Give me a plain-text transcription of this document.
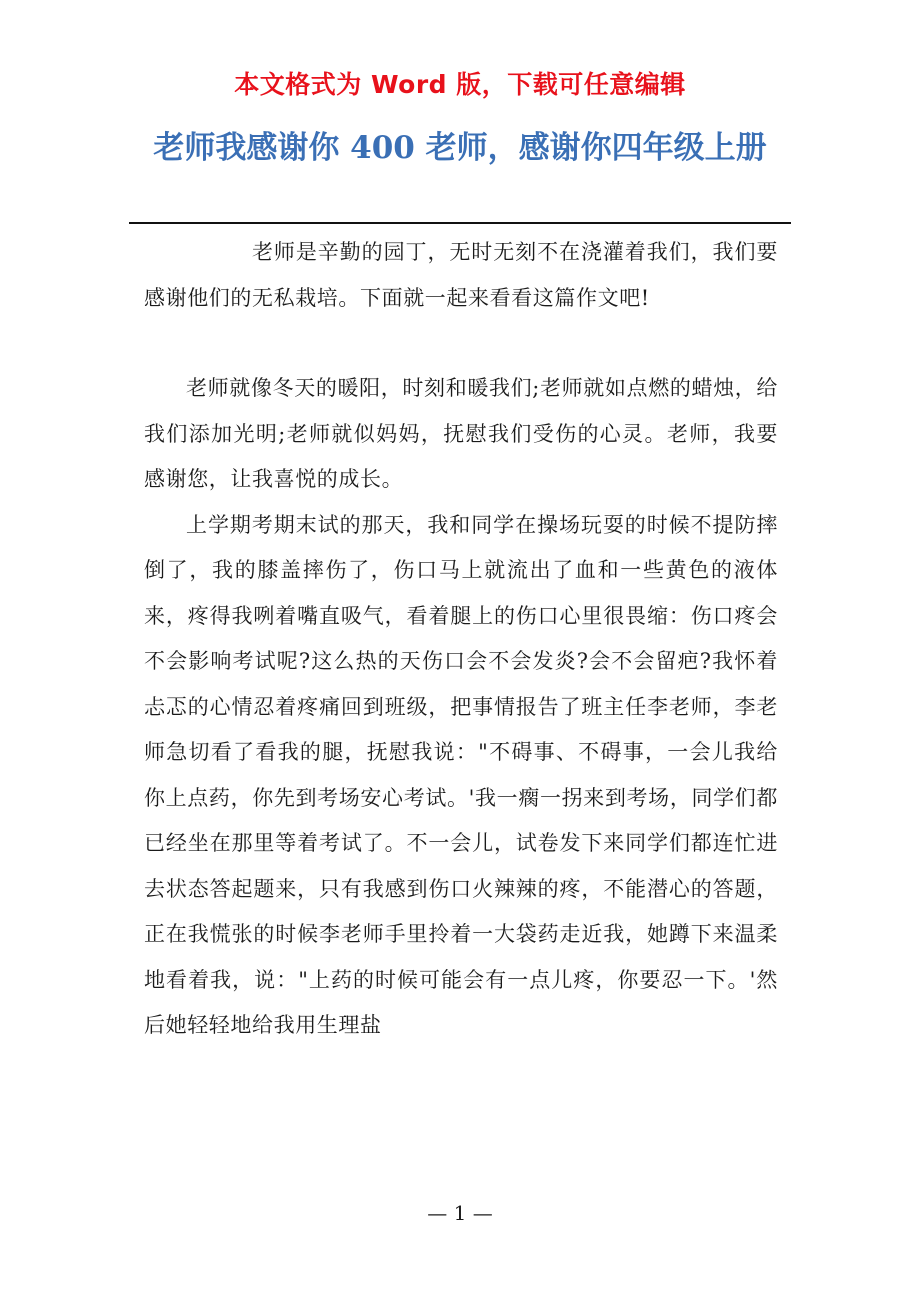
本文格式为 Word 版，下载可任意编辑
老师我感谢你 400 老师，感谢你四年级上册

老师是辛勤的园丁，无时无刻不在浇灌着我们，我们要感谢他们的无私栽培。下面就一起来看看这篇作文吧!

老师就像冬天的暖阳，时刻和暖我们;老师就如点燃的蜡烛，给我们添加光明;老师就似妈妈，抚慰我们受伤的心灵。老师，我要感谢您，让我喜悦的成长。

上学期考期末试的那天，我和同学在操场玩耍的时候不提防摔倒了，我的膝盖摔伤了，伤口马上就流出了血和一些黄色的液体来，疼得我咧着嘴直吸气，看着腿上的伤口心里很畏缩：伤口疼会不会影响考试呢?这么热的天伤口会不会发炎?会不会留疤?我怀着忐忑的心情忍着疼痛回到班级，把事情报告了班主任李老师，李老师急切看了看我的腿，抚慰我说："不碍事、不碍事，一会儿我给你上点药，你先到考场安心考试。'我一瘸一拐来到考场，同学们都已经坐在那里等着考试了。不一会儿，试卷发下来同学们都连忙进去状态答起题来，只有我感到伤口火辣辣的疼，不能潜心的答题，正在我慌张的时候李老师手里拎着一大袋药走近我，她蹲下来温柔地看着我，说："上药的时候可能会有一点儿疼，你要忍一下。'然后她轻轻地给我用生理盐

— 1 —
